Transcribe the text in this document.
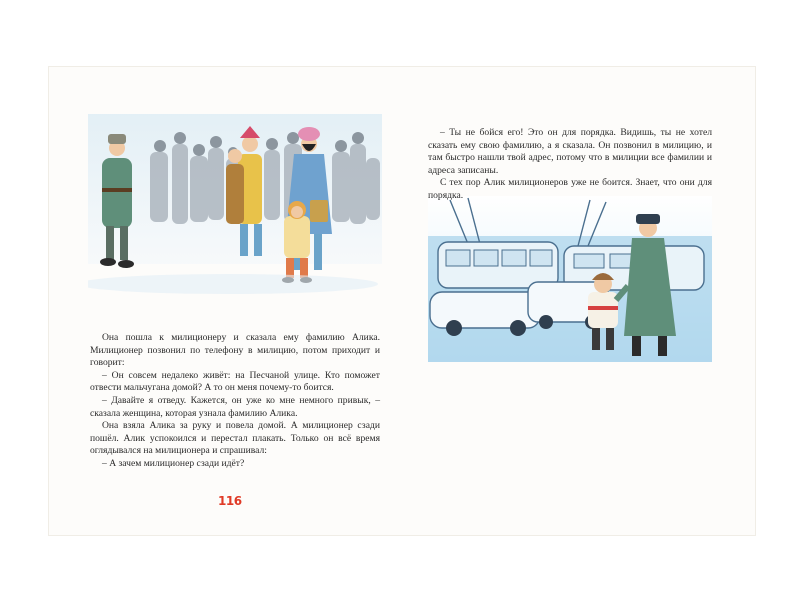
Она пошла к милиционеру и сказала ему фамилию Алика. Милиционер позвонил по телефону в милицию, потом приходит и говорит:

– Он совсем недалеко живёт: на Песчаной улице. Кто поможет отвести мальчугана домой? А то он меня почему-то боится.

– Давайте я отведу. Кажется, он уже ко мне немного привык, – сказала женщина, которая узнала фамилию Алика.

Она взяла Алика за руку и повела домой. А милиционер сзади пошёл. Алик успокоился и перестал плакать. Только он всё время оглядывался на милиционера и спрашивал:

– А зачем милиционер сзади идёт?

– Ты не бойся его! Это он для порядка. Видишь, ты не хотел сказать ему свою фамилию, а я сказала. Он позвонил в милицию, и там быстро нашли твой адрес, потому что в милиции все фамилии и адреса записаны.

С тех пор Алик милиционеров уже не боится. Знает, что они для порядка.

116
